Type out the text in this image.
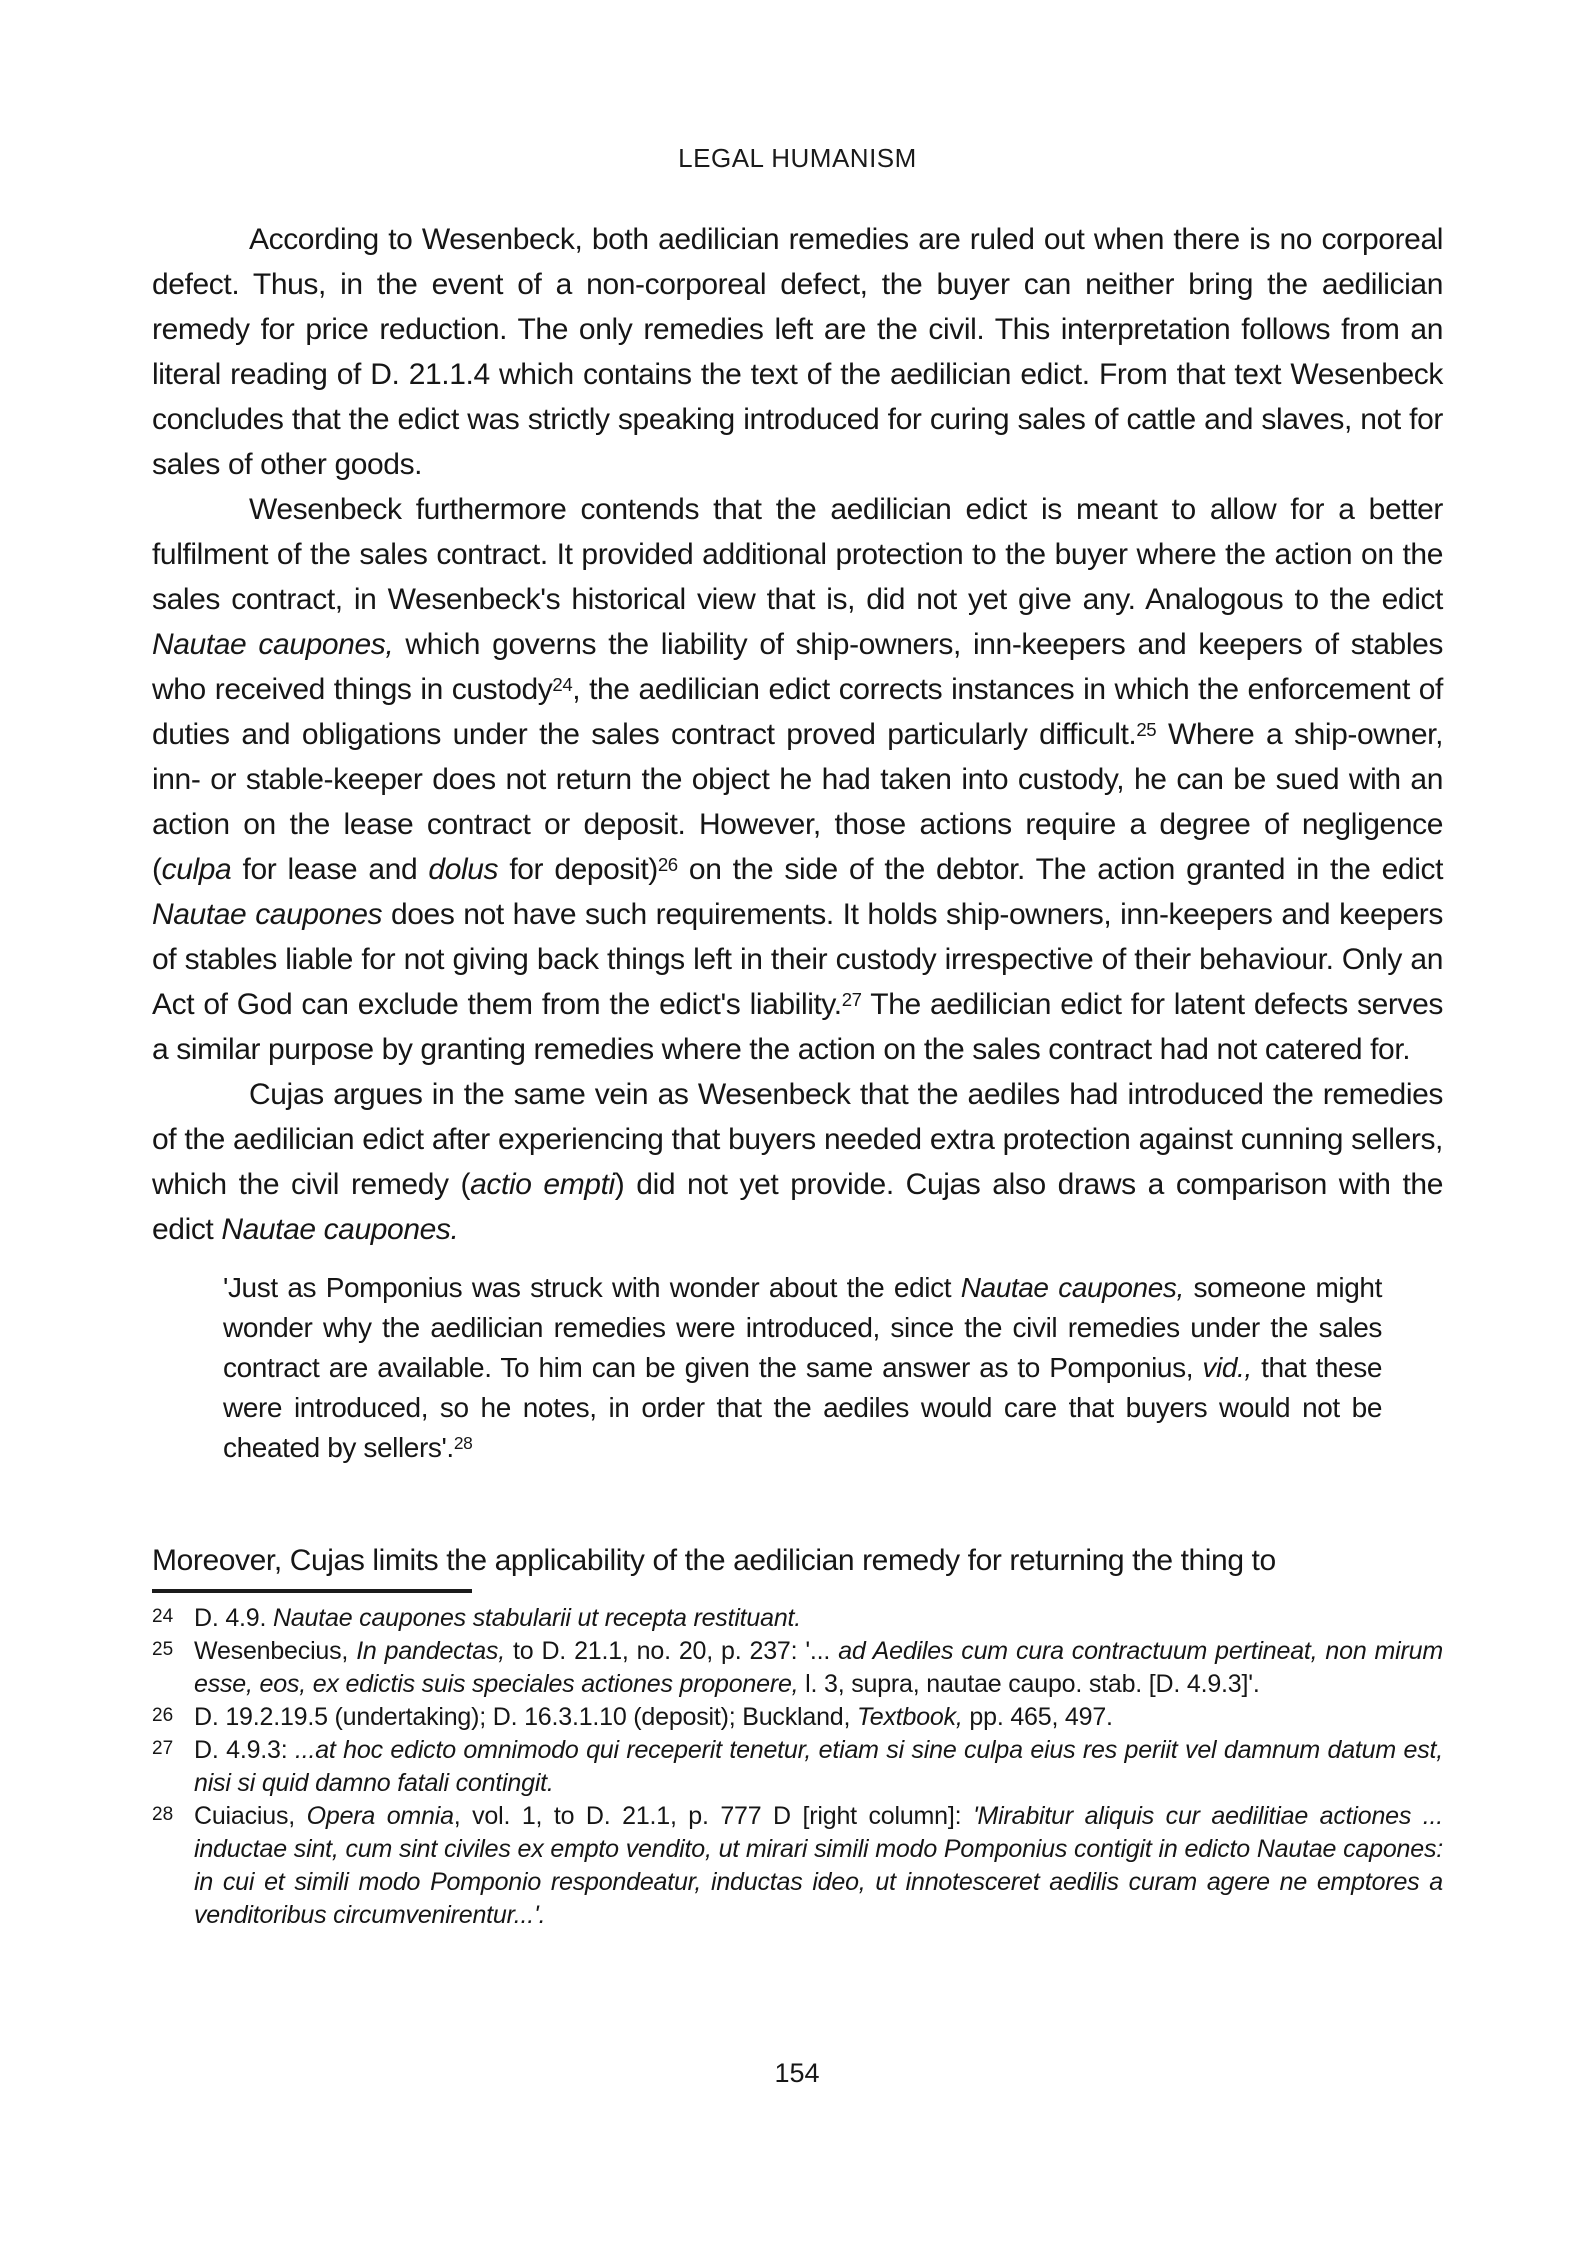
LEGAL HUMANISM

According to Wesenbeck, both aedilician remedies are ruled out when there is no corporeal defect. Thus, in the event of a non-corporeal defect, the buyer can neither bring the aedilician remedy for price reduction. The only remedies left are the civil. This interpretation follows from an literal reading of D. 21.1.4 which contains the text of the aedilician edict. From that text Wesenbeck concludes that the edict was strictly speaking introduced for curing sales of cattle and slaves, not for sales of other goods.

Wesenbeck furthermore contends that the aedilician edict is meant to allow for a better fulfilment of the sales contract. It provided additional protection to the buyer where the action on the sales contract, in Wesenbeck's historical view that is, did not yet give any. Analogous to the edict Nautae caupones, which governs the liability of ship-owners, inn-keepers and keepers of stables who received things in custody$^{24}$, the aedilician edict corrects instances in which the enforcement of duties and obligations under the sales contract proved particularly difficult.$^{25}$ Where a ship-owner, inn- or stable-keeper does not return the object he had taken into custody, he can be sued with an action on the lease contract or deposit. However, those actions require a degree of negligence (culpa for lease and dolus for deposit)$^{26}$ on the side of the debtor. The action granted in the edict Nautae caupones does not have such requirements. It holds ship-owners, inn-keepers and keepers of stables liable for not giving back things left in their custody irrespective of their behaviour. Only an Act of God can exclude them from the edict's liability.$^{27}$ The aedilician edict for latent defects serves a similar purpose by granting remedies where the action on the sales contract had not catered for.

Cujas argues in the same vein as Wesenbeck that the aediles had introduced the remedies of the aedilician edict after experiencing that buyers needed extra protection against cunning sellers, which the civil remedy (actio empti) did not yet provide. Cujas also draws a comparison with the edict Nautae caupones.

'Just as Pomponius was struck with wonder about the edict Nautae caupones, someone might wonder why the aedilician remedies were introduced, since the civil remedies under the sales contract are available. To him can be given the same answer as to Pomponius, vid., that these were introduced, so he notes, in order that the aediles would care that buyers would not be cheated by sellers'.$^{28}$

Moreover, Cujas limits the applicability of the aedilician remedy for returning the thing to

24 D. 4.9. Nautae caupones stabularii ut recepta restituant.
25 Wesenbecius, In pandectas, to D. 21.1, no. 20, p. 237: '... ad Aediles cum cura contractuum pertineat, non mirum esse, eos, ex edictis suis speciales actiones proponere, l. 3, supra, nautae caupo. stab. [D. 4.9.3]'.
26 D. 19.2.19.5 (undertaking); D. 16.3.1.10 (deposit); Buckland, Textbook, pp. 465, 497.
27 D. 4.9.3: ...at hoc edicto omnimodo qui receperit tenetur, etiam si sine culpa eius res periit vel damnum datum est, nisi si quid damno fatali contingit.
28 Cuiacius, Opera omnia, vol. 1, to D. 21.1, p. 777 D [right column]: 'Mirabitur aliquis cur aedilitiae actiones ... inductae sint, cum sint civiles ex empto vendito, ut mirari simili modo Pomponius contigit in edicto Nautae capones: in cui et simili modo Pomponio respondeatur, inductas ideo, ut innotesceret aedilis curam agere ne emptores a venditoribus circumvenirentur...'.
154
